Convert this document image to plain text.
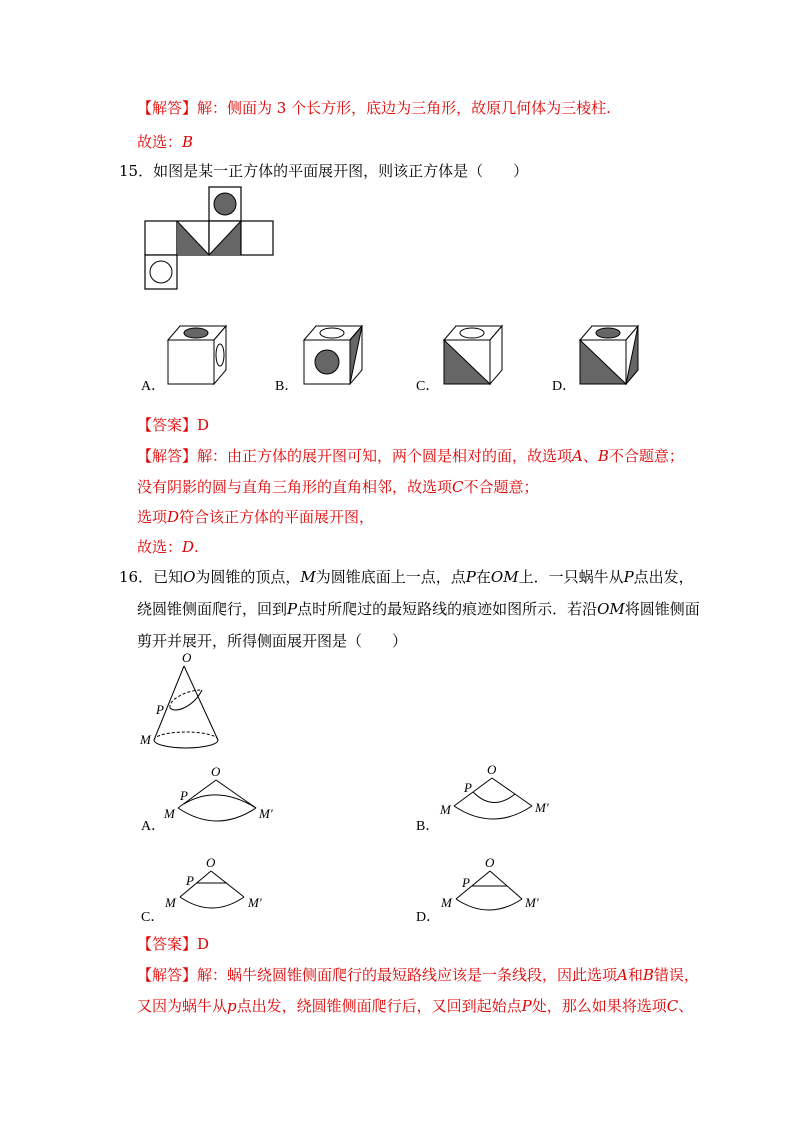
【解答】解：侧面为 3 个长方形，底边为三角形，故原几何体为三棱柱.
故选：B
15．如图是某一正方体的平面展开图，则该正方体是（　　）
A．	B．	C．	D．
【答案】D
【解答】解：由正方体的展开图可知，两个圆是相对的面，故选项A、B不合题意；
没有阴影的圆与直角三角形的直角相邻，故选项C不合题意；
选项D符合该正方体的平面展开图，
故选：D.
16．已知O为圆锥的顶点，M为圆锥底面上一点，点P在OM上．一只蜗牛从P点出发，
绕圆锥侧面爬行，回到P点时所爬过的最短路线的痕迹如图所示．若沿OM将圆锥侧面
剪开并展开，所得侧面展开图是（　　）
O
P
M
A．
O
P
M	M′
B．
O
P
M	M′
C．
O
P
M	M′
D．
O
P
M	M′
【答案】D
【解答】解：蜗牛绕圆锥侧面爬行的最短路线应该是一条线段，因此选项A和B错误，
又因为蜗牛从p点出发，绕圆锥侧面爬行后，又回到起始点P处，那么如果将选项C、
